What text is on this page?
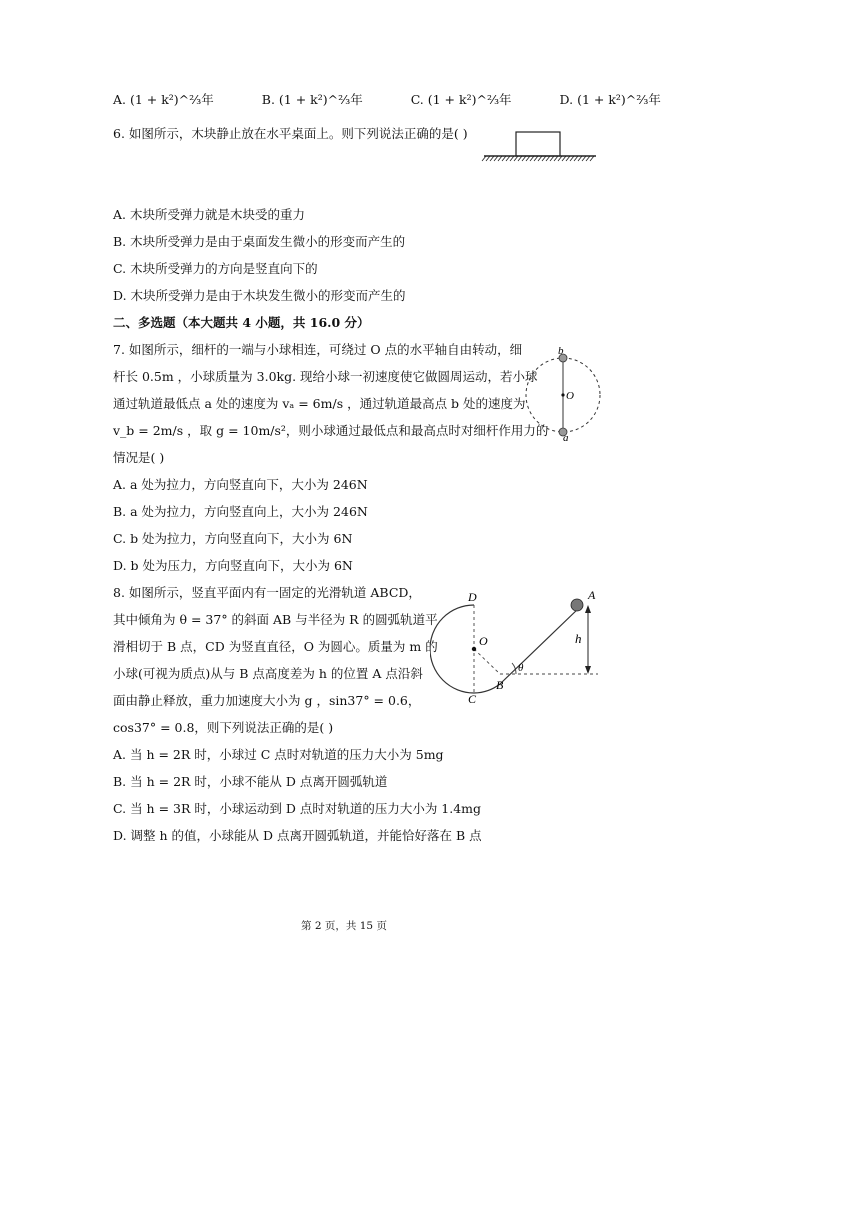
A. (1 + k²)^⅔年	B. (1 + k²)^⅔年	C. (1 + k²)^⅔年	D. (1 + k²)^⅔年
6. 如图所示，木块静止放在水平桌面上。则下列说法正确的是( )
A. 木块所受弹力就是木块受的重力
B. 木块所受弹力是由于桌面发生微小的形变而产生的
C. 木块所受弹力的方向是竖直向下的
D. 木块所受弹力是由于木块发生微小的形变而产生的
二、多选题（本大题共 4 小题，共 16.0 分）
7. 如图所示，细杆的一端与小球相连，可绕过 O 点的水平轴自由转动，细
杆长 0.5m ，小球质量为 3.0kg. 现给小球一初速度使它做圆周运动，若小球
通过轨道最低点 a 处的速度为 vₐ = 6m/s ，通过轨道最高点 b 处的速度为
v_b = 2m/s ，取 g = 10m/s²，则小球通过最低点和最高点时对细杆作用力的
情况是( )
b
O
a
A. a 处为拉力，方向竖直向下，大小为 246N
B. a 处为拉力，方向竖直向上，大小为 246N
C. b 处为拉力，方向竖直向下，大小为 6N
D. b 处为压力，方向竖直向下，大小为 6N
8. 如图所示，竖直平面内有一固定的光滑轨道 ABCD，
其中倾角为 θ = 37° 的斜面 AB 与半径为 R 的圆弧轨道平
滑相切于 B 点，CD 为竖直直径，O 为圆心。质量为 m 的
小球(可视为质点)从与 B 点高度差为 h 的位置 A 点沿斜
面由静止释放，重力加速度大小为 g ，sin37° = 0.6，
cos37° = 0.8，则下列说法正确的是( )
D
O
C
B
A
h
θ
A. 当 h = 2R 时，小球过 C 点时对轨道的压力大小为 5mg
B. 当 h = 2R 时，小球不能从 D 点离开圆弧轨道
C. 当 h = 3R 时，小球运动到 D 点时对轨道的压力大小为 1.4mg
D. 调整 h 的值，小球能从 D 点离开圆弧轨道，并能恰好落在 B 点
第 2 页，共 15 页
